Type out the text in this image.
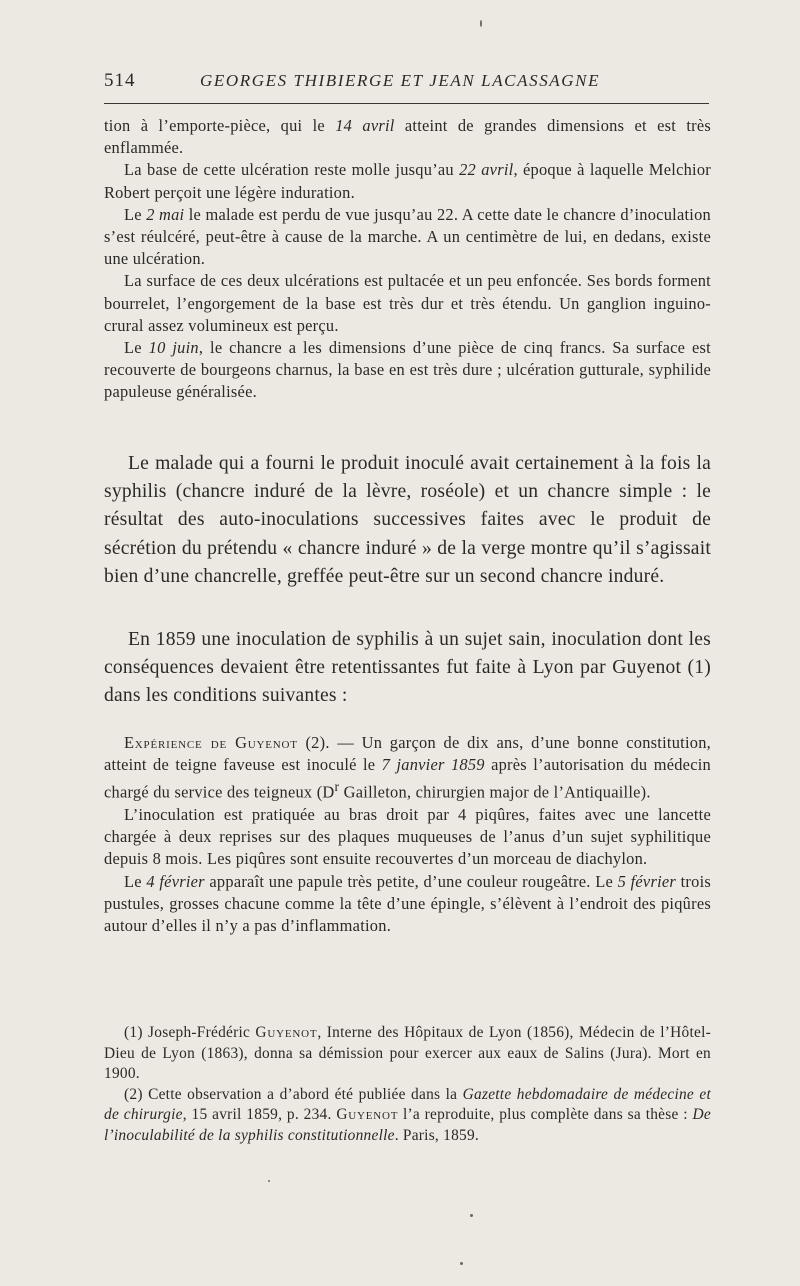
514	GEORGES THIBIERGE ET JEAN LACASSAGNE

tion à l’emporte-pièce, qui le 14 avril atteint de grandes dimensions et est très enflammée.

La base de cette ulcération reste molle jusqu’au 22 avril, époque à laquelle Melchior Robert perçoit une légère induration.

Le 2 mai le malade est perdu de vue jusqu’au 22. A cette date le chancre d’inoculation s’est réulcéré, peut-être à cause de la marche. A un centimètre de lui, en dedans, existe une ulcération.

La surface de ces deux ulcérations est pultacée et un peu enfoncée. Ses bords forment bourrelet, l’engorgement de la base est très dur et très étendu. Un ganglion inguino-crural assez volumineux est perçu.

Le 10 juin, le chancre a les dimensions d’une pièce de cinq francs. Sa surface est recouverte de bourgeons charnus, la base en est très dure ; ulcération gutturale, syphilide papuleuse généralisée.

Le malade qui a fourni le produit inoculé avait certainement à la fois la syphilis (chancre induré de la lèvre, roséole) et un chancre simple : le résultat des auto-inoculations successives faites avec le produit de sécrétion du prétendu « chancre induré » de la verge montre qu’il s’agissait bien d’une chancrelle, greffée peut-être sur un second chancre induré.

En 1859 une inoculation de syphilis à un sujet sain, inoculation dont les conséquences devaient être retentissantes fut faite à Lyon par Guyenot (1) dans les conditions suivantes :

Expérience de Guyenot (2). — Un garçon de dix ans, d’une bonne constitution, atteint de teigne faveuse est inoculé le 7 janvier 1859 après l’autorisation du médecin chargé du service des teigneux ($D^r$ Gailleton, chirurgien major de l’Antiquaille).

L’inoculation est pratiquée au bras droit par 4 piqûres, faites avec une lancette chargée à deux reprises sur des plaques muqueuses de l’anus d’un sujet syphilitique depuis 8 mois. Les piqûres sont ensuite recouvertes d’un morceau de diachylon.

Le 4 février apparaît une papule très petite, d’une couleur rougeâtre. Le 5 février trois pustules, grosses chacune comme la tête d’une épingle, s’élèvent à l’endroit des piqûres autour d’elles il n’y a pas d’inflammation.

(1) Joseph-Frédéric Guyenot, Interne des Hôpitaux de Lyon (1856), Médecin de l’Hôtel-Dieu de Lyon (1863), donna sa démission pour exercer aux eaux de Salins (Jura). Mort en 1900.

(2) Cette observation a d’abord été publiée dans la Gazette hebdomadaire de médecine et de chirurgie, 15 avril 1859, p. 234. Guyenot l’a reproduite, plus complète dans sa thèse : De l’inoculabilité de la syphilis constitutionnelle. Paris, 1859.
